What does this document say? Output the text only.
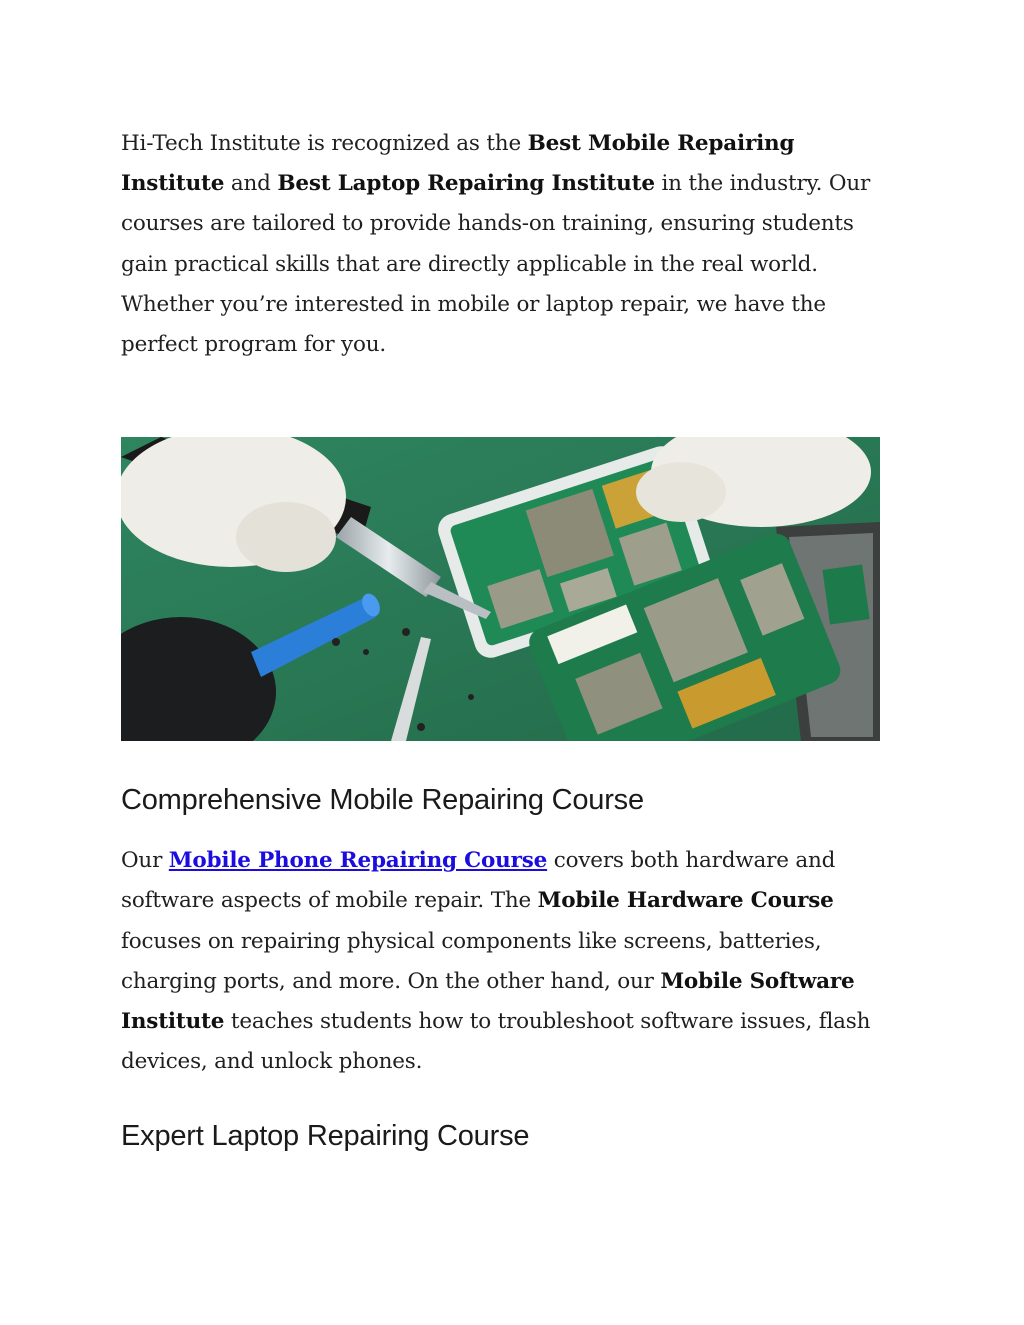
Hi-Tech Institute is recognized as the Best Mobile Repairing Institute and Best Laptop Repairing Institute in the industry. Our courses are tailored to provide hands-on training, ensuring students gain practical skills that are directly applicable in the real world. Whether you’re interested in mobile or laptop repair, we have the perfect program for you.

Comprehensive Mobile Repairing Course

Our Mobile Phone Repairing Course covers both hardware and software aspects of mobile repair. The Mobile Hardware Course focuses on repairing physical components like screens, batteries, charging ports, and more. On the other hand, our Mobile Software Institute teaches students how to troubleshoot software issues, flash devices, and unlock phones.

Expert Laptop Repairing Course
